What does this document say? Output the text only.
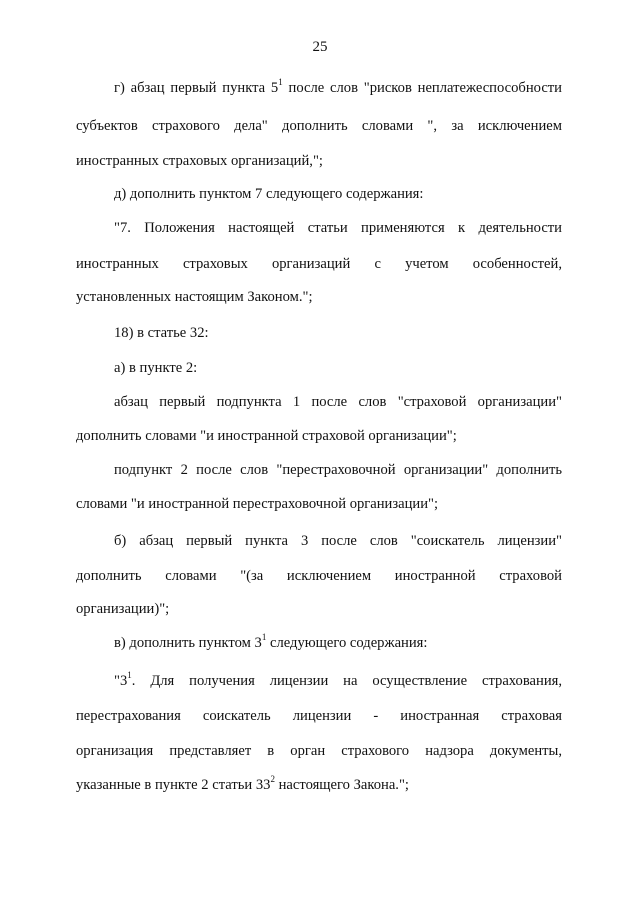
25
г) абзац первый пункта $5^1$ после слов "рисков неплатежеспособности
субъектов страхового дела" дополнить словами ", за исключением
иностранных страховых организаций,";
д) дополнить пунктом 7 следующего содержания:
"7. Положения настоящей статьи применяются к деятельности
иностранных страховых организаций с учетом особенностей,
установленных настоящим Законом.";
18) в статье 32:
а) в пункте 2:
абзац первый подпункта 1 после слов "страховой организации"
дополнить словами "и иностранной страховой организации";
подпункт 2 после слов "перестраховочной организации" дополнить
словами "и иностранной перестраховочной организации";
б) абзац первый пункта 3 после слов "соискатель лицензии"
дополнить словами "(за исключением иностранной страховой
организации)";
в) дополнить пунктом $3^1$ следующего содержания:
"$3^1$. Для получения лицензии на осуществление страхования,
перестрахования соискатель лицензии - иностранная страховая
организация представляет в орган страхового надзора документы,
указанные в пункте 2 статьи $33^2$ настоящего Закона.";
